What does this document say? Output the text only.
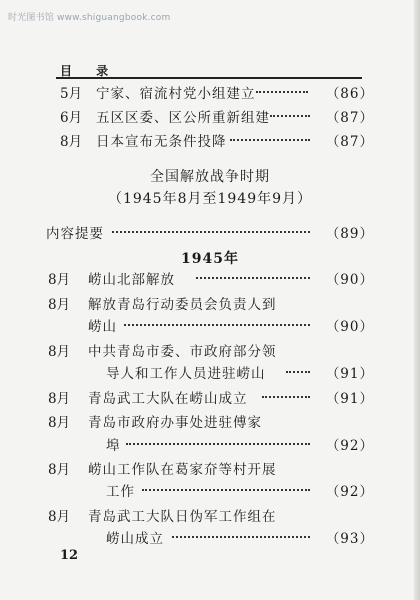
时光图书馆 www.shiguangbook.com
目 录
5月 宁家、宿流村党小组建立	（86）
6月 五区区委、区公所重新组建	（87）
8月 日本宣布无条件投降	（87）
全国解放战争时期
（1945年8月至1949年9月）
内容提要	（89）
1945年
8月 崂山北部解放	（90）
8月 解放青岛行动委员会负责人到
崂山	（90）
8月 中共青岛市委、市政府部分领
导人和工作人员进驻崂山	（91）
8月 青岛武工大队在崂山成立	（91）
8月 青岛市政府办事处进驻傅家
埠	（92）
8月 崂山工作队在葛家夼等村开展
工作	（92）
8月 青岛武工大队日伪军工作组在
崂山成立	（93）
12
